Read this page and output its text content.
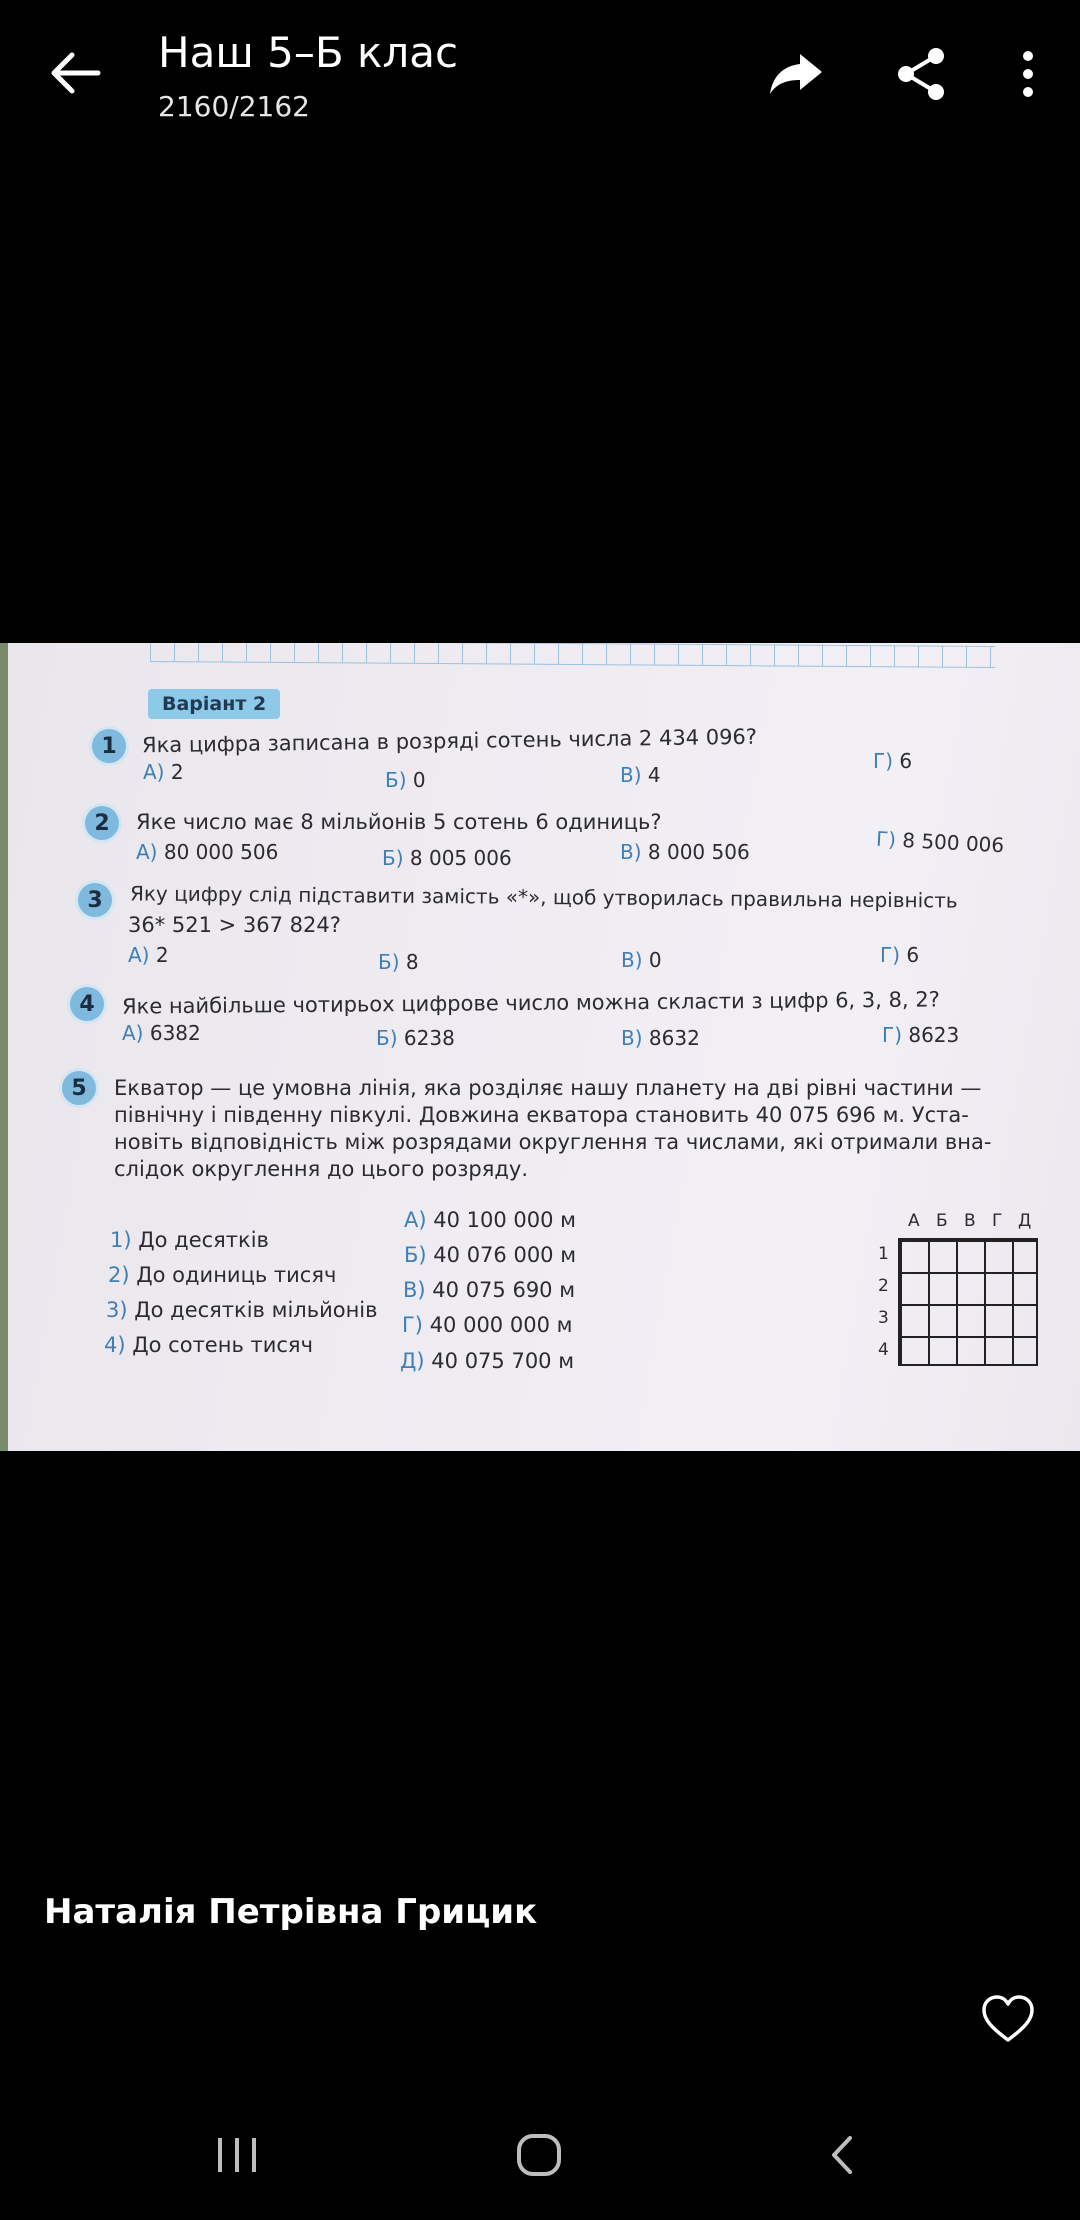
Наш 5–Б клас
2160/2162
Варіант 2
1	Яка цифра записана в розряді сотень числа 2 434 096?
А) 2	Б) 0	В) 4
Г) 6
2	Яке число має 8 мільйонів 5 сотень 6 одиниць?
А) 80 000 506	Б) 8 005 006	В) 8 000 506
Г) 8 500 006
3	Яку цифру слід підставити замість «*», щоб утворилась правильна нерівність
36* 521 > 367 824?
А) 2	Б) 8	В) 0	Г) 6
4	Яке найбільше чотирьох цифрове число можна скласти з цифр 6, 3, 8, 2?
А) 6382	Б) 6238	В) 8632	Г) 8623
5	Екватор — це умовна лінія, яка розділяє нашу планету на дві рівні частини —
північну і південну півкулі. Довжина екватора становить 40 075 696 м. Уста-
новіть відповідність між розрядами округлення та числами, які отримали вна-
слідок округлення до цього розряду.
1) До десятків
2) До одиниць тисяч
3) До десятків мільйонів
4) До сотень тисяч
А) 40 100 000 м
Б) 40 076 000 м
В) 40 075 690 м
Г) 40 000 000 м
Д) 40 075 700 м
А Б В Г Д
1
2
3
4
Наталія Петрівна Грицик
